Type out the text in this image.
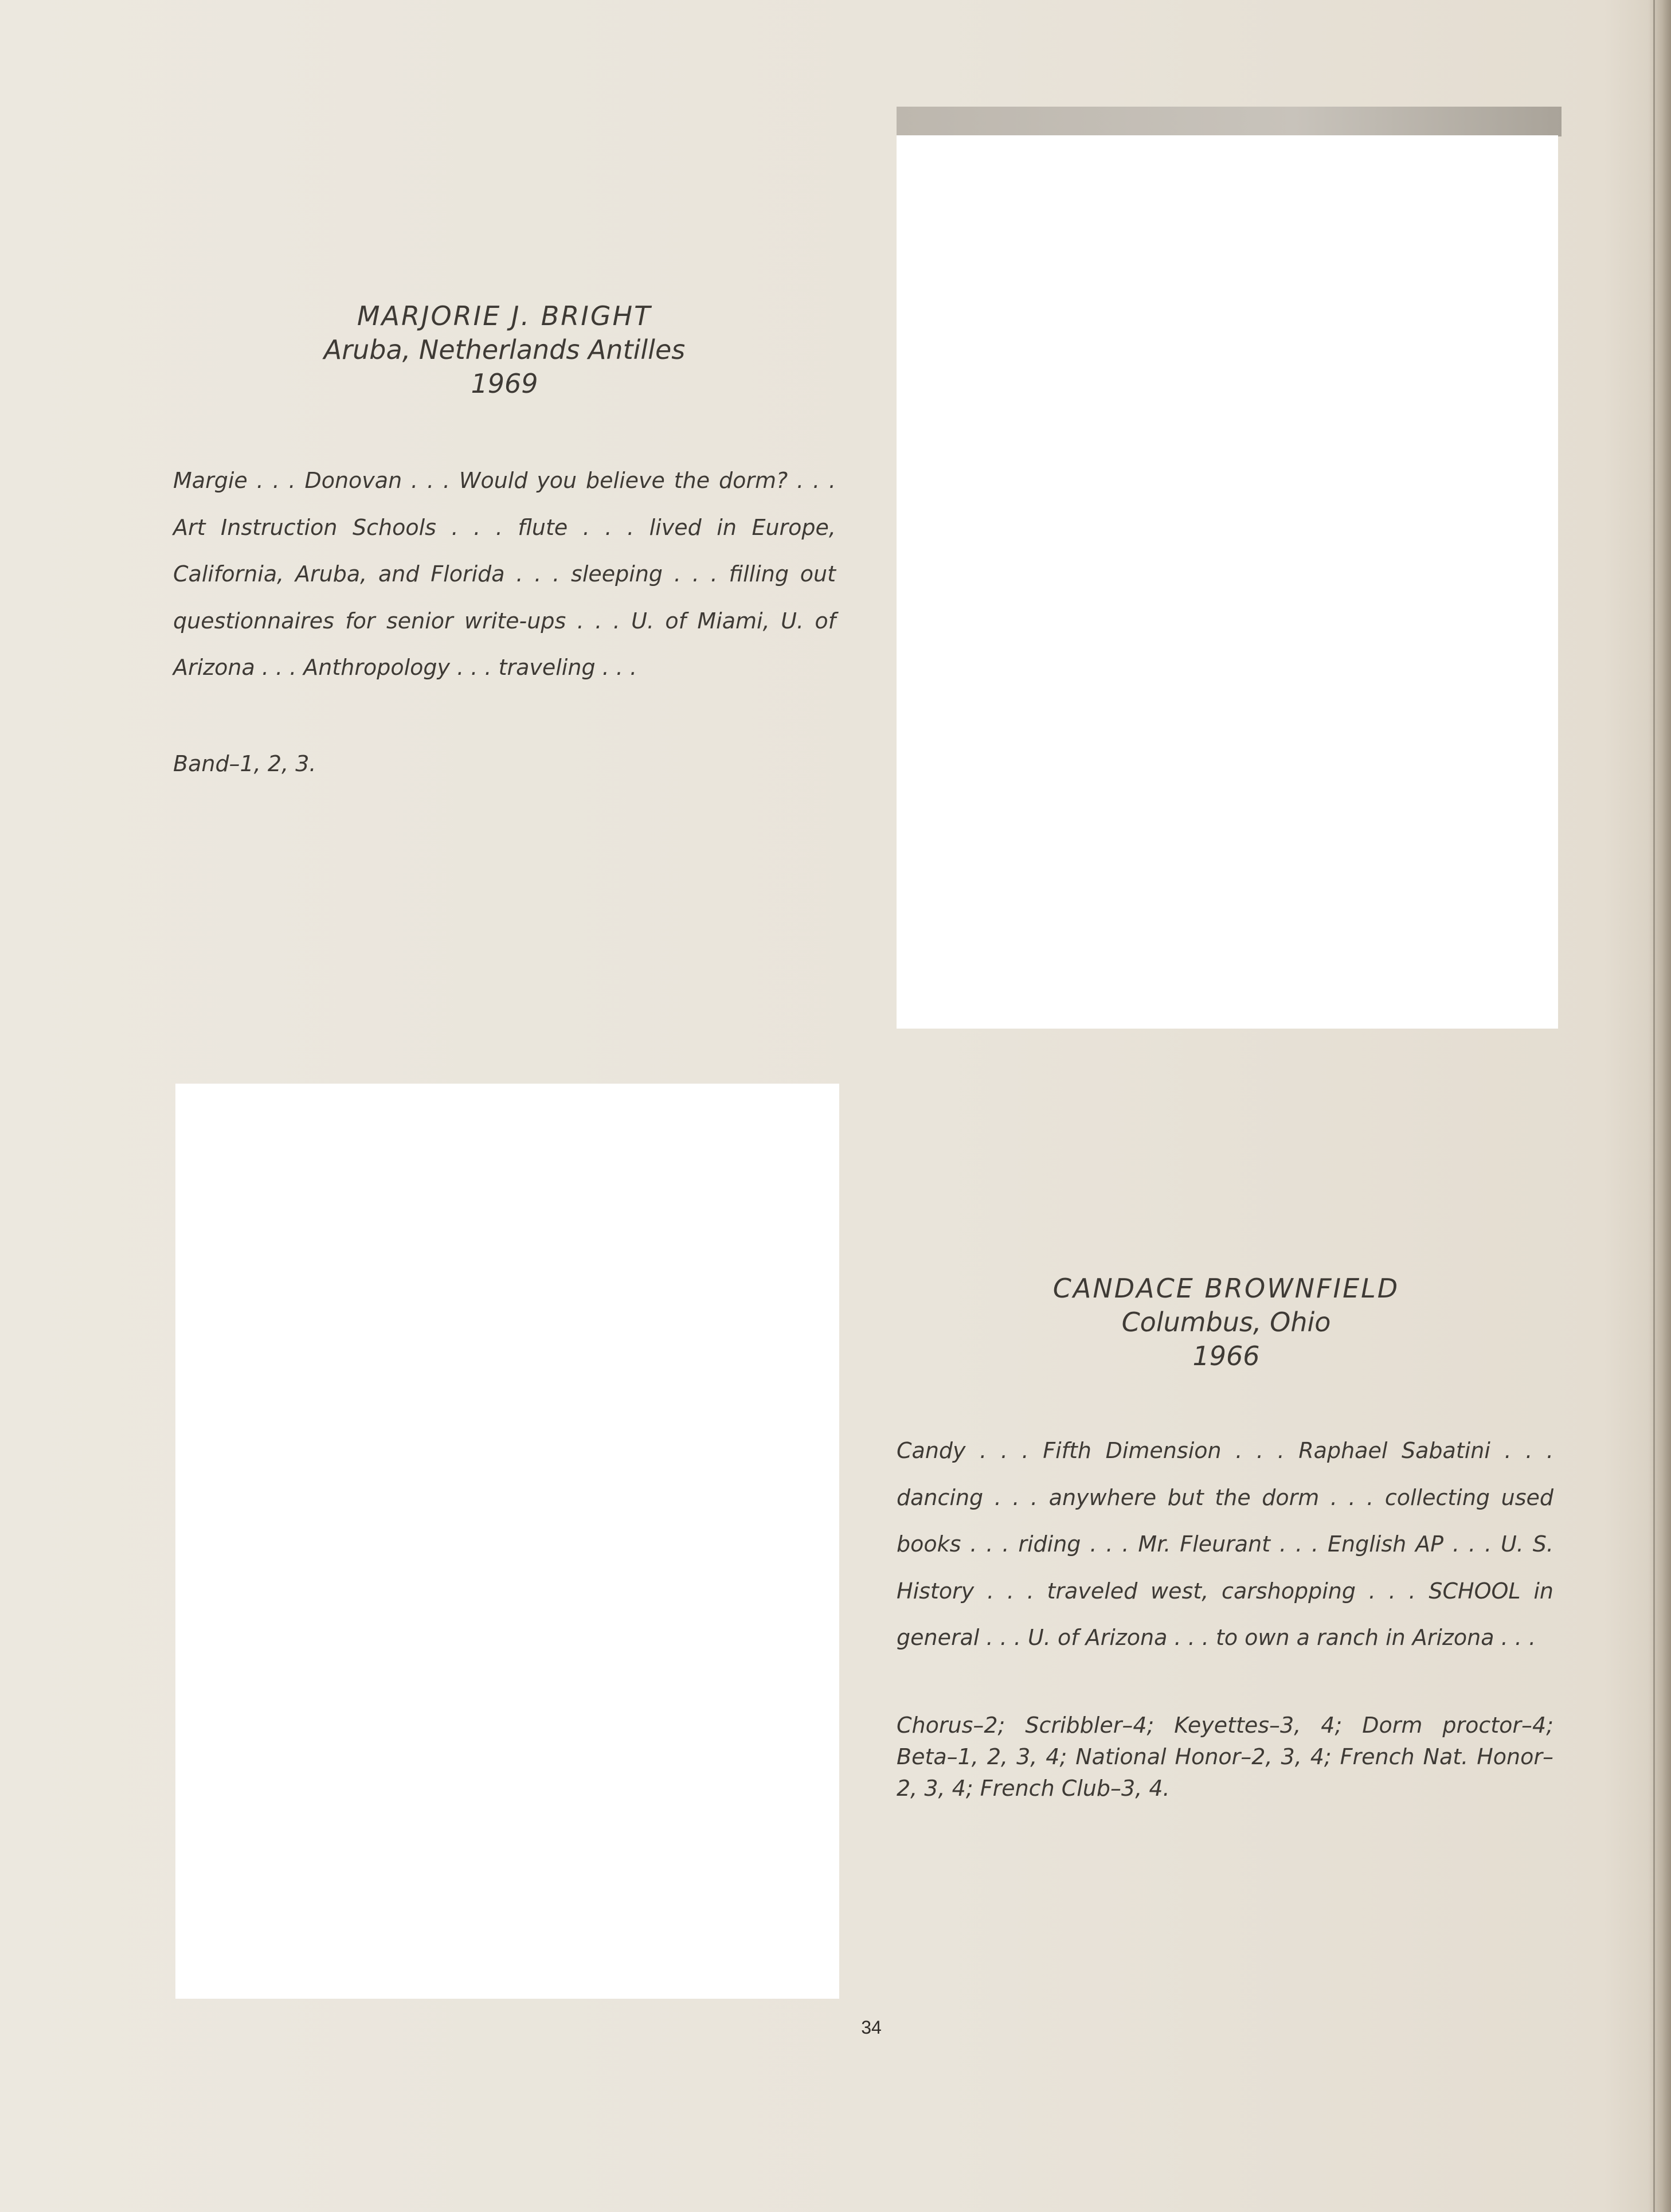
MARJORIE J. BRIGHT
Aruba, Netherlands Antilles
1969

Margie . . . Donovan . . . Would you believe the dorm? . . . Art Instruction Schools . . . flute . . . lived in Europe, California, Aruba, and Florida . . . sleeping . . . filling out questionnaires for senior write-ups . . . U. of Miami, U. of Arizona . . . Anthropology . . . traveling . . .

Band–1, 2, 3.

CANDACE BROWNFIELD
Columbus, Ohio
1966

Candy . . . Fifth Dimension . . . Raphael Sabatini . . . dancing . . . anywhere but the dorm . . . collecting used books . . . riding . . . Mr. Fleurant . . . English AP . . . U. S. History . . . traveled west, carshopping . . . SCHOOL in general . . . U. of Arizona . . . to own a ranch in Arizona . . .

Chorus–2; Scribbler–4; Keyettes–3, 4; Dorm proctor–4; Beta–1, 2, 3, 4; National Honor–2, 3, 4; French Nat. Honor–2, 3, 4; French Club–3, 4.

34
